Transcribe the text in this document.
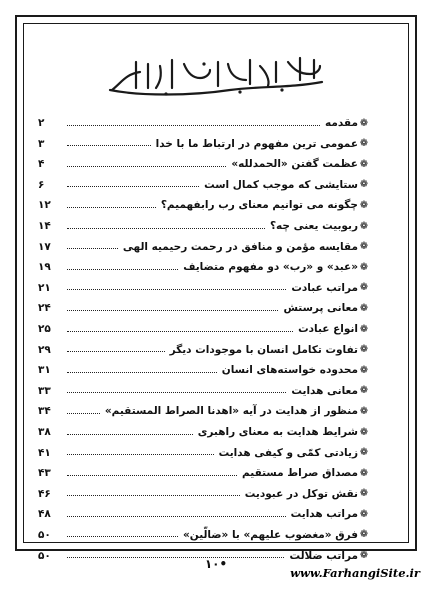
❁
مقدمه
۲
❁
عمومی ترین مفهوم در ارتباط ما با خدا
۳
❁
عظمت گفتن «الحمدلله»
۴
❁
ستایشی که موجب کمال است
۶
❁
چگونه می توانیم معنای رب رابفهمیم؟
۱۲
❁
ربوبیت یعنی چه؟
۱۴
❁
مقایسه مؤمن و منافق در رحمت رحیمیه الهی
۱۷
❁
«عبد» و «رب» دو مفهوم متضایف
۱۹
❁
مراتب عبادت
۲۱
❁
معانی پرستش
۲۴
❁
انواع عبادت
۲۵
❁
تفاوت تکامل انسان با موجودات دیگر
۲۹
❁
محدوده خواسته‌های انسان
۳۱
❁
معانی هدایت
۳۳
❁
منظور از هدایت در آیه «اهدنا الصراط المستقیم»
۳۴
❁
شرایط هدایت به معنای راهبری
۳۸
❁
زیادتی کمّی و کیفی هدایت
۴۱
❁
مصداق صراط مستقیم
۴۳
❁
نقش توکل در عبودیت
۴۶
❁
مراتب هدایت
۴۸
❁
فرق «مغضوب علیهم» با «ضالّین»
۵۰
❁
مراتب ضلالت
۵۰
•۱۰
www.FarhangiSite.ir
